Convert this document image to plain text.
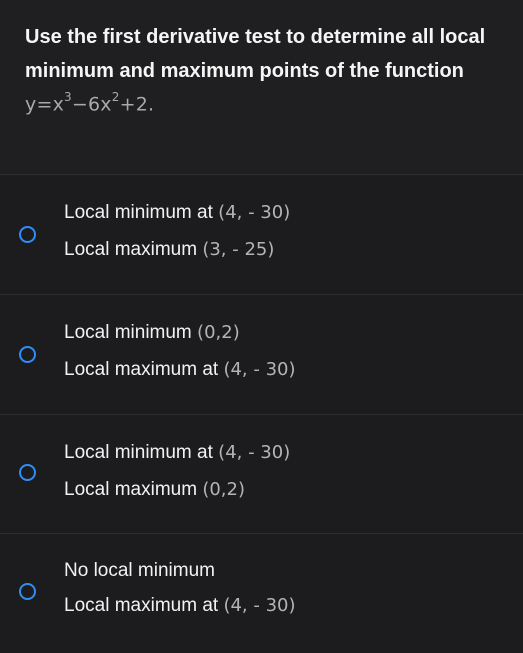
Use the first derivative test to determine all local minimum and maximum points of the function
$y=x^3-6x^2+2$.
Local minimum at (4, - 30)
Local maximum (3, - 25)
Local minimum (0,2)
Local maximum at (4, - 30)
Local minimum at (4, - 30)
Local maximum (0,2)
No local minimum
Local maximum at (4, - 30)
